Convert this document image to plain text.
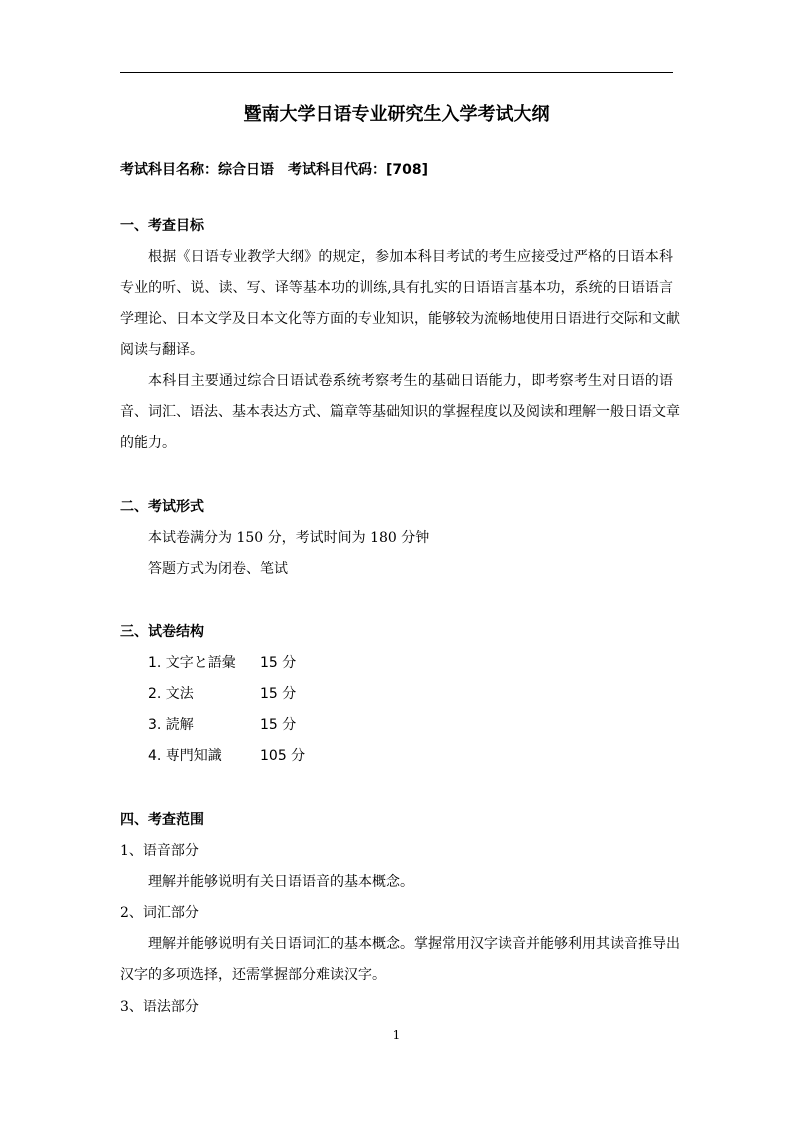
暨南大学日语专业研究生入学考试大纲
考试科目名称：综合日语　考试科目代码：[708]
一、考查目标
根据《日语专业教学大纲》的规定，参加本科目考试的考生应接受过严格的日语本科
专业的听、说、读、写、译等基本功的训练,具有扎实的日语语言基本功，系统的日语语言
学理论、日本文学及日本文化等方面的专业知识，能够较为流畅地使用日语进行交际和文献
阅读与翻译。
本科目主要通过综合日语试卷系统考察考生的基础日语能力，即考察考生对日语的语
音、词汇、语法、基本表达方式、篇章等基础知识的掌握程度以及阅读和理解一般日语文章
的能力。
二、考试形式
本试卷满分为 150 分，考试时间为 180 分钟
答题方式为闭卷、笔试
三、试卷结构
1. 文字と語彙 15 分
2. 文法	15 分
3. 読解	15 分
4. 専門知識	105 分
四、考查范围
1、语音部分
理解并能够说明有关日语语音的基本概念。
2、词汇部分
理解并能够说明有关日语词汇的基本概念。掌握常用汉字读音并能够利用其读音推导出
汉字的多项选择，还需掌握部分难读汉字。
3、语法部分
1
